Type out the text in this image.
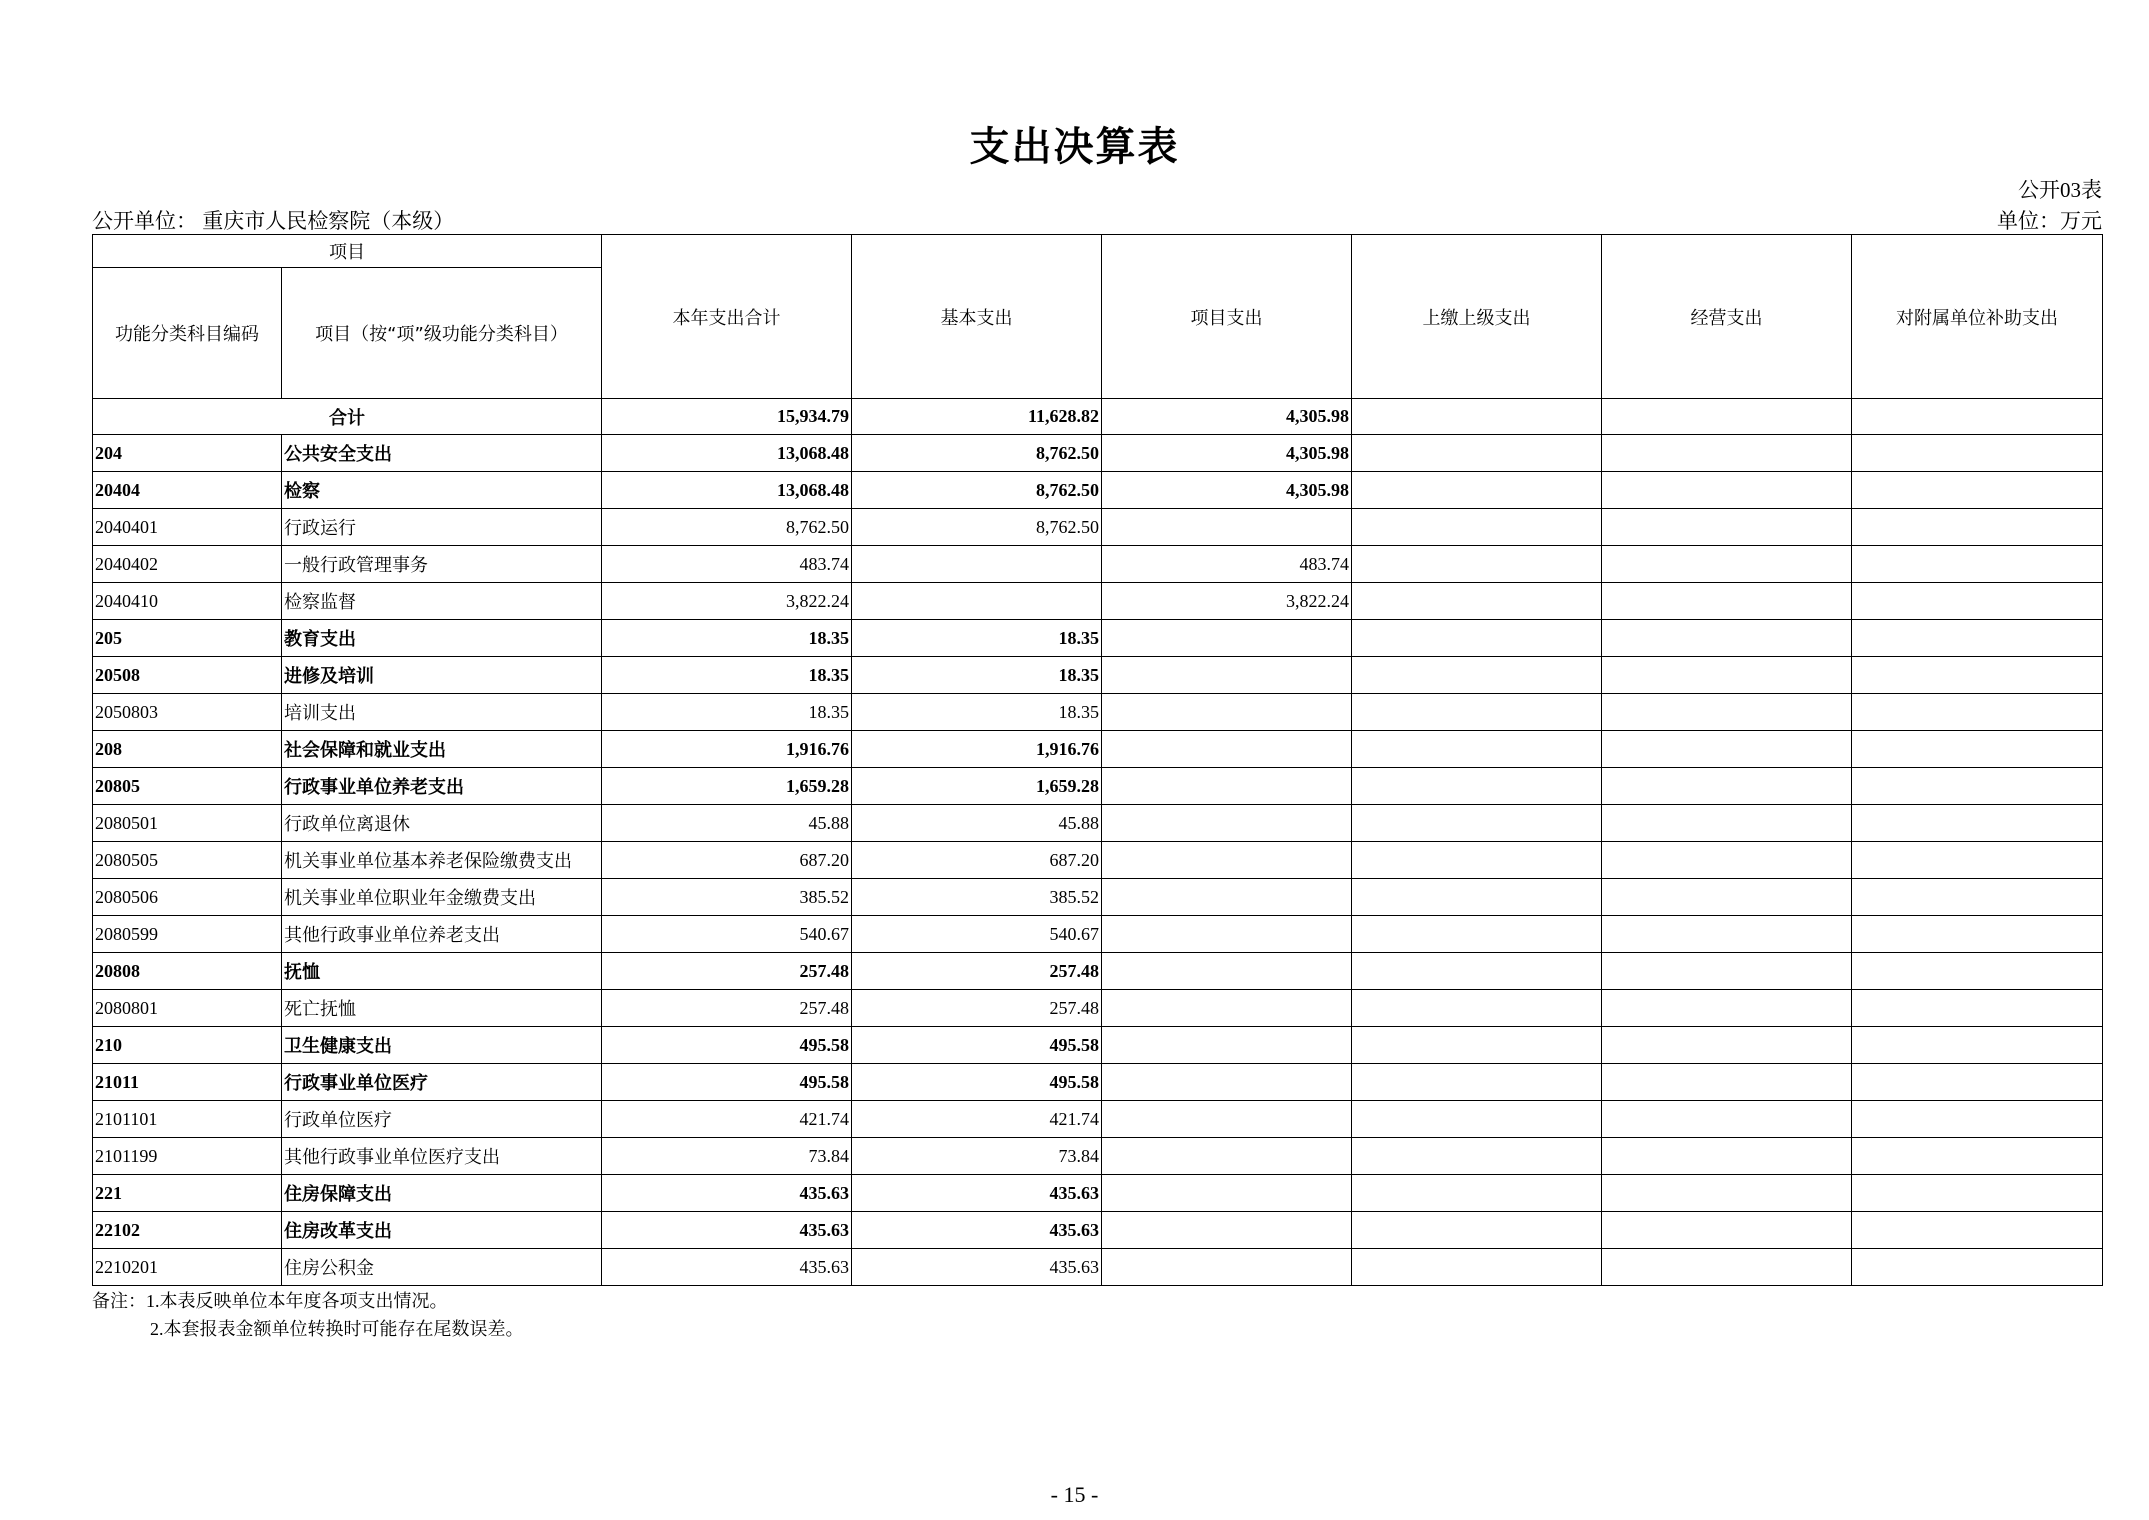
支出决算表
公开03表
公开单位： 重庆市人民检察院（本级）	单位：万元
项目		本年支出合计	基本支出	项目支出	上缴上级支出	经营支出	对附属单位补助支出
功能分类科目编码	项目（按“项”级功能分类科目）						
合计		15,934.79	11,628.82	4,305.98			
204	公共安全支出	13,068.48	8,762.50	4,305.98			
20404	检察	13,068.48	8,762.50	4,305.98			
2040401	行政运行	8,762.50	8,762.50				
2040402	一般行政管理事务	483.74		483.74			
2040410	检察监督	3,822.24		3,822.24			
205	教育支出	18.35	18.35				
20508	进修及培训	18.35	18.35				
2050803	培训支出	18.35	18.35				
208	社会保障和就业支出	1,916.76	1,916.76				
20805	行政事业单位养老支出	1,659.28	1,659.28				
2080501	行政单位离退休	45.88	45.88				
2080505	机关事业单位基本养老保险缴费支出	687.20	687.20				
2080506	机关事业单位职业年金缴费支出	385.52	385.52				
2080599	其他行政事业单位养老支出	540.67	540.67				
20808	抚恤	257.48	257.48				
2080801	死亡抚恤	257.48	257.48				
210	卫生健康支出	495.58	495.58				
21011	行政事业单位医疗	495.58	495.58				
2101101	行政单位医疗	421.74	421.74				
2101199	其他行政事业单位医疗支出	73.84	73.84				
221	住房保障支出	435.63	435.63				
22102	住房改革支出	435.63	435.63				
2210201	住房公积金	435.63	435.63				
备注：1.本表反映单位本年度各项支出情况。
2.本套报表金额单位转换时可能存在尾数误差。
- 15 -
